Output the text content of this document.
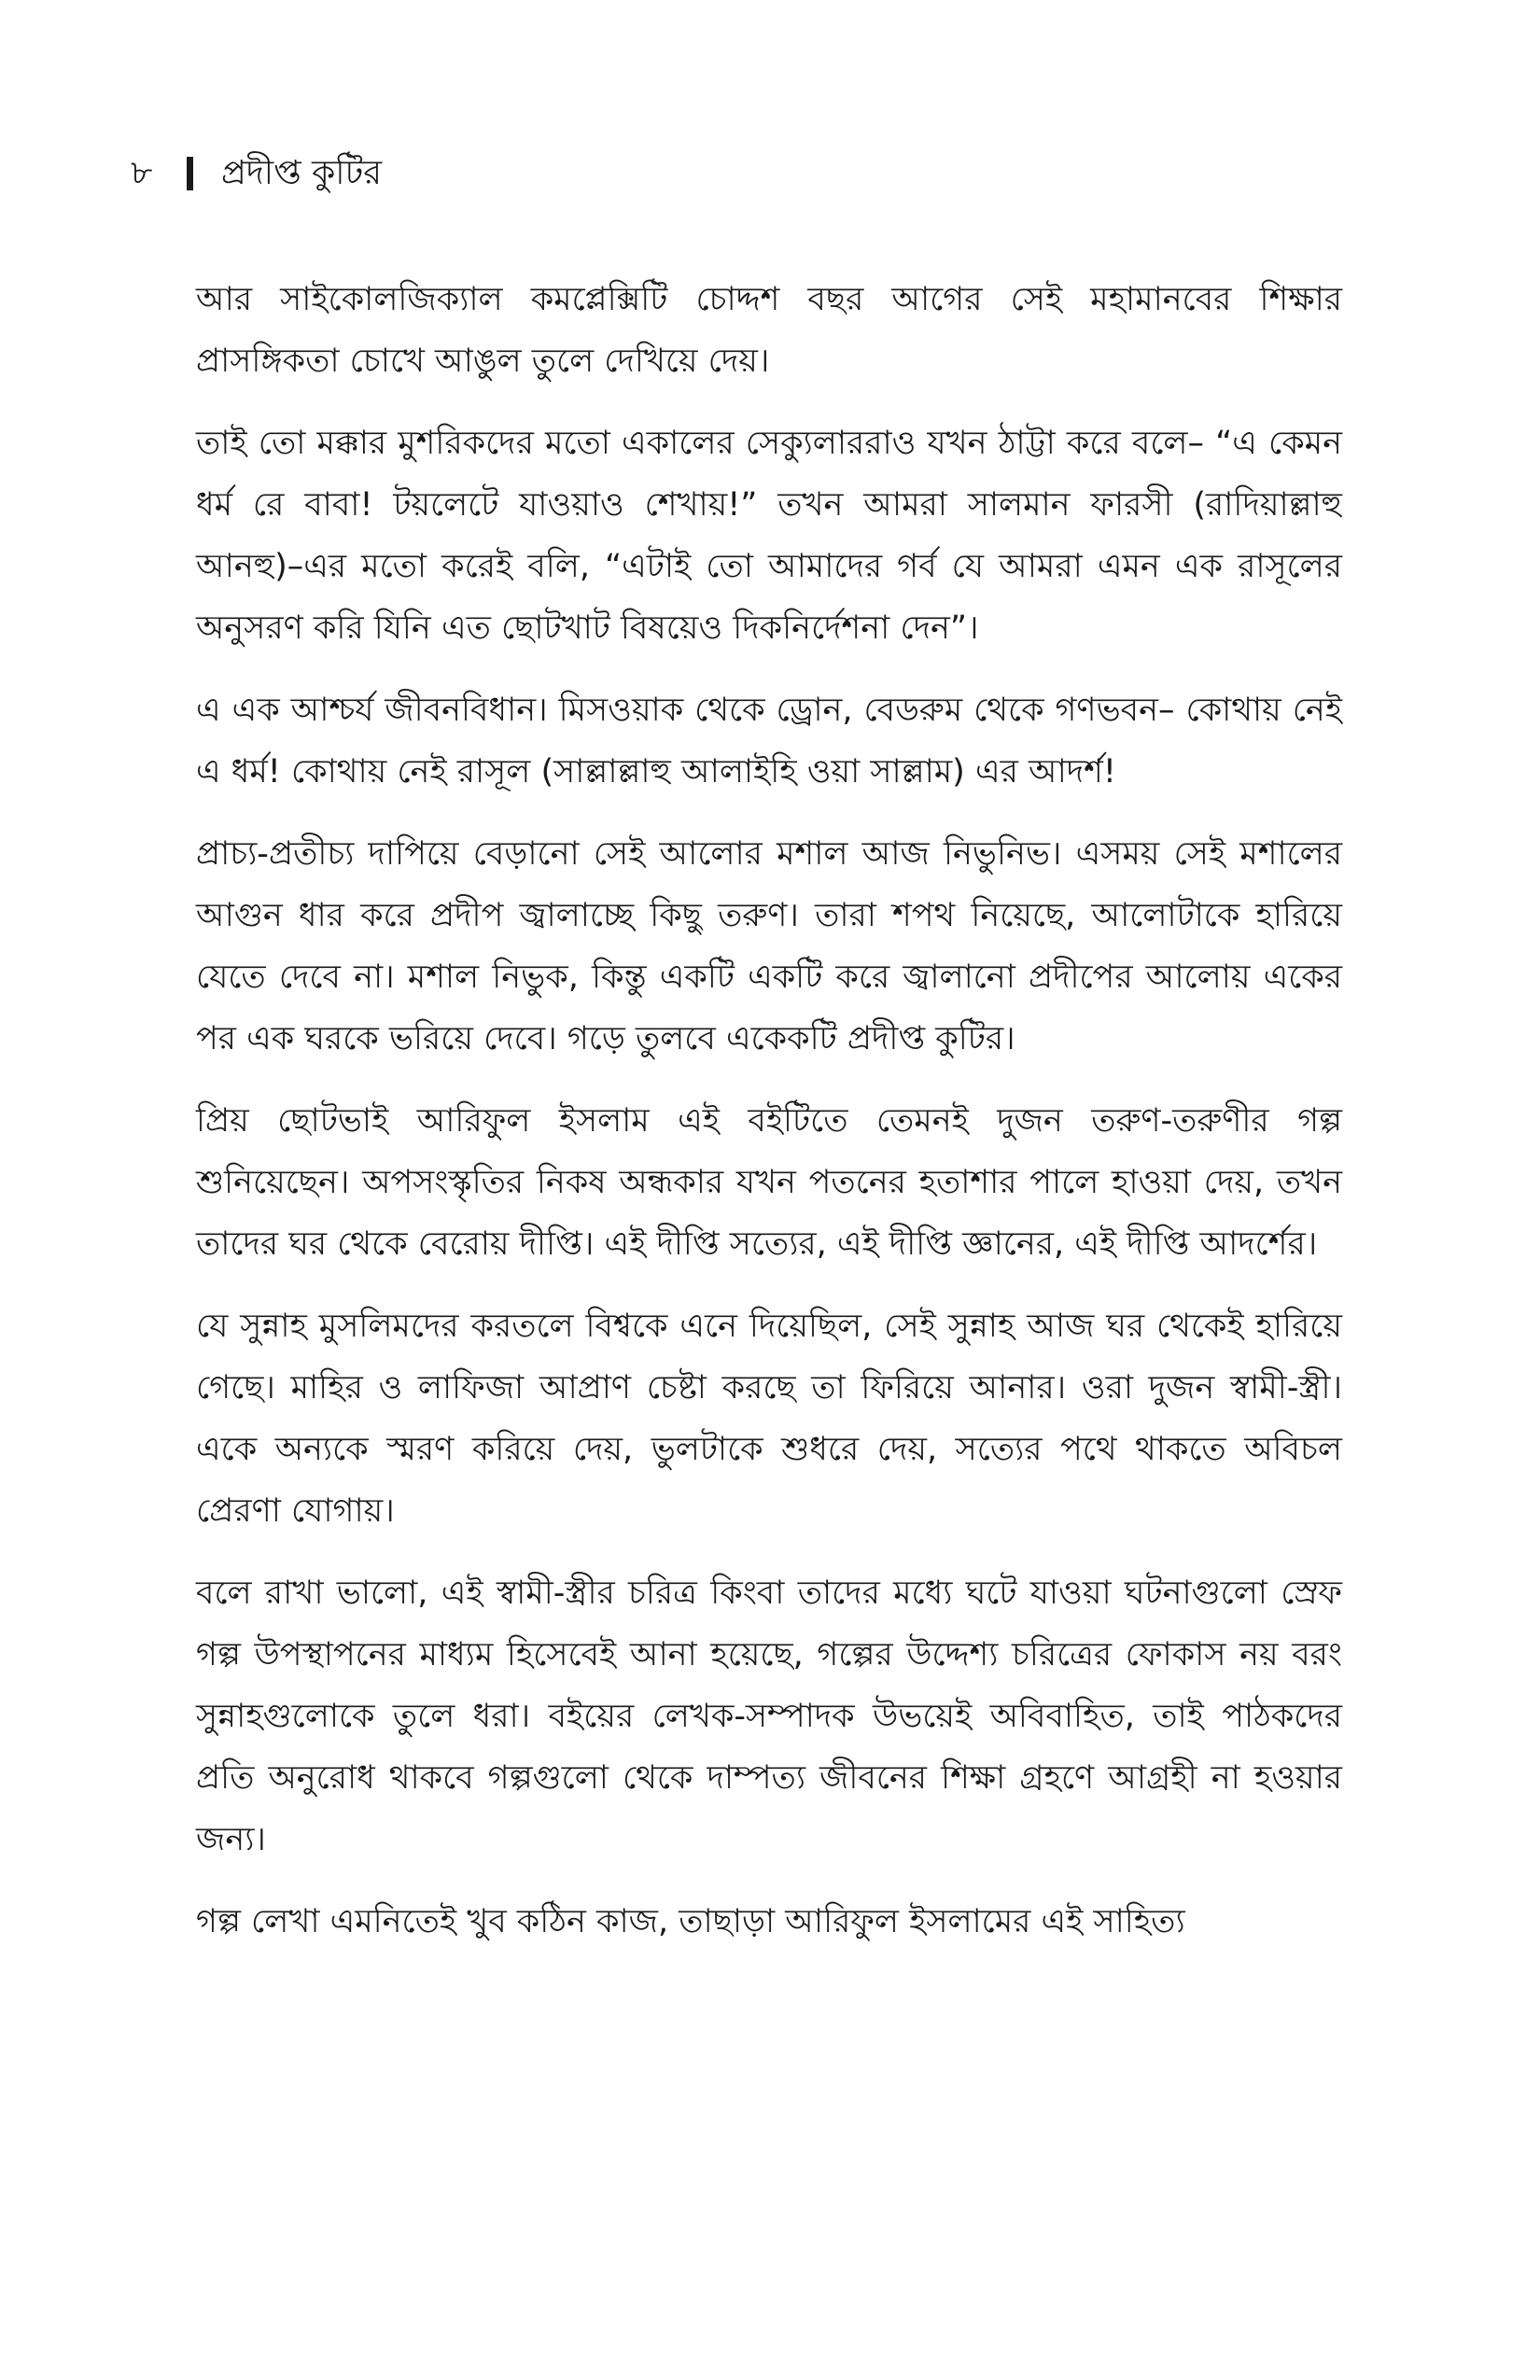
৮	প্রদীপ্ত কুটির

আর সাইকোলজিক্যাল কমপ্লেক্সিটি চোদ্দশ বছর আগের সেই মহামানবের শিক্ষার প্রাসঙ্গিকতা চোখে আঙুল তুলে দেখিয়ে দেয়।

তাই তো মক্কার মুশরিকদের মতো একালের সেক্যুলাররাও যখন ঠাট্টা করে বলে– “এ কেমন ধর্ম রে বাবা! টয়লেটে যাওয়াও শেখায়!” তখন আমরা সালমান ফারসী (রাদিয়াল্লাহু আনহু)–এর মতো করেই বলি, “এটাই তো আমাদের গর্ব যে আমরা এমন এক রাসূলের অনুসরণ করি যিনি এত ছোটখাট বিষয়েও দিকনির্দেশনা দেন”।

এ এক আশ্চর্য জীবনবিধান। মিসওয়াক থেকে ড্রোন, বেডরুম থেকে গণভবন– কোথায় নেই এ ধর্ম! কোথায় নেই রাসূল (সাল্লাল্লাহু আলাইহি ওয়া সাল্লাম) এর আদর্শ!

প্রাচ্য-প্রতীচ্য দাপিয়ে বেড়ানো সেই আলোর মশাল আজ নিভুনিভ। এসময় সেই মশালের আগুন ধার করে প্রদীপ জ্বালাচ্ছে কিছু তরুণ। তারা শপথ নিয়েছে, আলোটাকে হারিয়ে যেতে দেবে না। মশাল নিভুক, কিন্তু একটি একটি করে জ্বালানো প্রদীপের আলোয় একের পর এক ঘরকে ভরিয়ে দেবে। গড়ে তুলবে একেকটি প্রদীপ্ত কুটির।

প্রিয় ছোটভাই আরিফুল ইসলাম এই বইটিতে তেমনই দুজন তরুণ-তরুণীর গল্প শুনিয়েছেন। অপসংস্কৃতির নিকষ অন্ধকার যখন পতনের হতাশার পালে হাওয়া দেয়, তখন তাদের ঘর থেকে বেরোয় দীপ্তি। এই দীপ্তি সত্যের, এই দীপ্তি জ্ঞানের, এই দীপ্তি আদর্শের।

যে সুন্নাহ মুসলিমদের করতলে বিশ্বকে এনে দিয়েছিল, সেই সুন্নাহ আজ ঘর থেকেই হারিয়ে গেছে। মাহির ও লাফিজা আপ্রাণ চেষ্টা করছে তা ফিরিয়ে আনার। ওরা দুজন স্বামী-স্ত্রী। একে অন্যকে স্মরণ করিয়ে দেয়, ভুলটাকে শুধরে দেয়, সত্যের পথে থাকতে অবিচল প্রেরণা যোগায়।

বলে রাখা ভালো, এই স্বামী-স্ত্রীর চরিত্র কিংবা তাদের মধ্যে ঘটে যাওয়া ঘটনাগুলো স্রেফ গল্প উপস্থাপনের মাধ্যম হিসেবেই আনা হয়েছে, গল্পের উদ্দেশ্য চরিত্রের ফোকাস নয় বরং সুন্নাহগুলোকে তুলে ধরা। বইয়ের লেখক-সম্পাদক উভয়েই অবিবাহিত, তাই পাঠকদের প্রতি অনুরোধ থাকবে গল্পগুলো থেকে দাম্পত্য জীবনের শিক্ষা গ্রহণে আগ্রহী না হওয়ার জন্য।

গল্প লেখা এমনিতেই খুব কঠিন কাজ, তাছাড়া আরিফুল ইসলামের এই সাহিত্য
